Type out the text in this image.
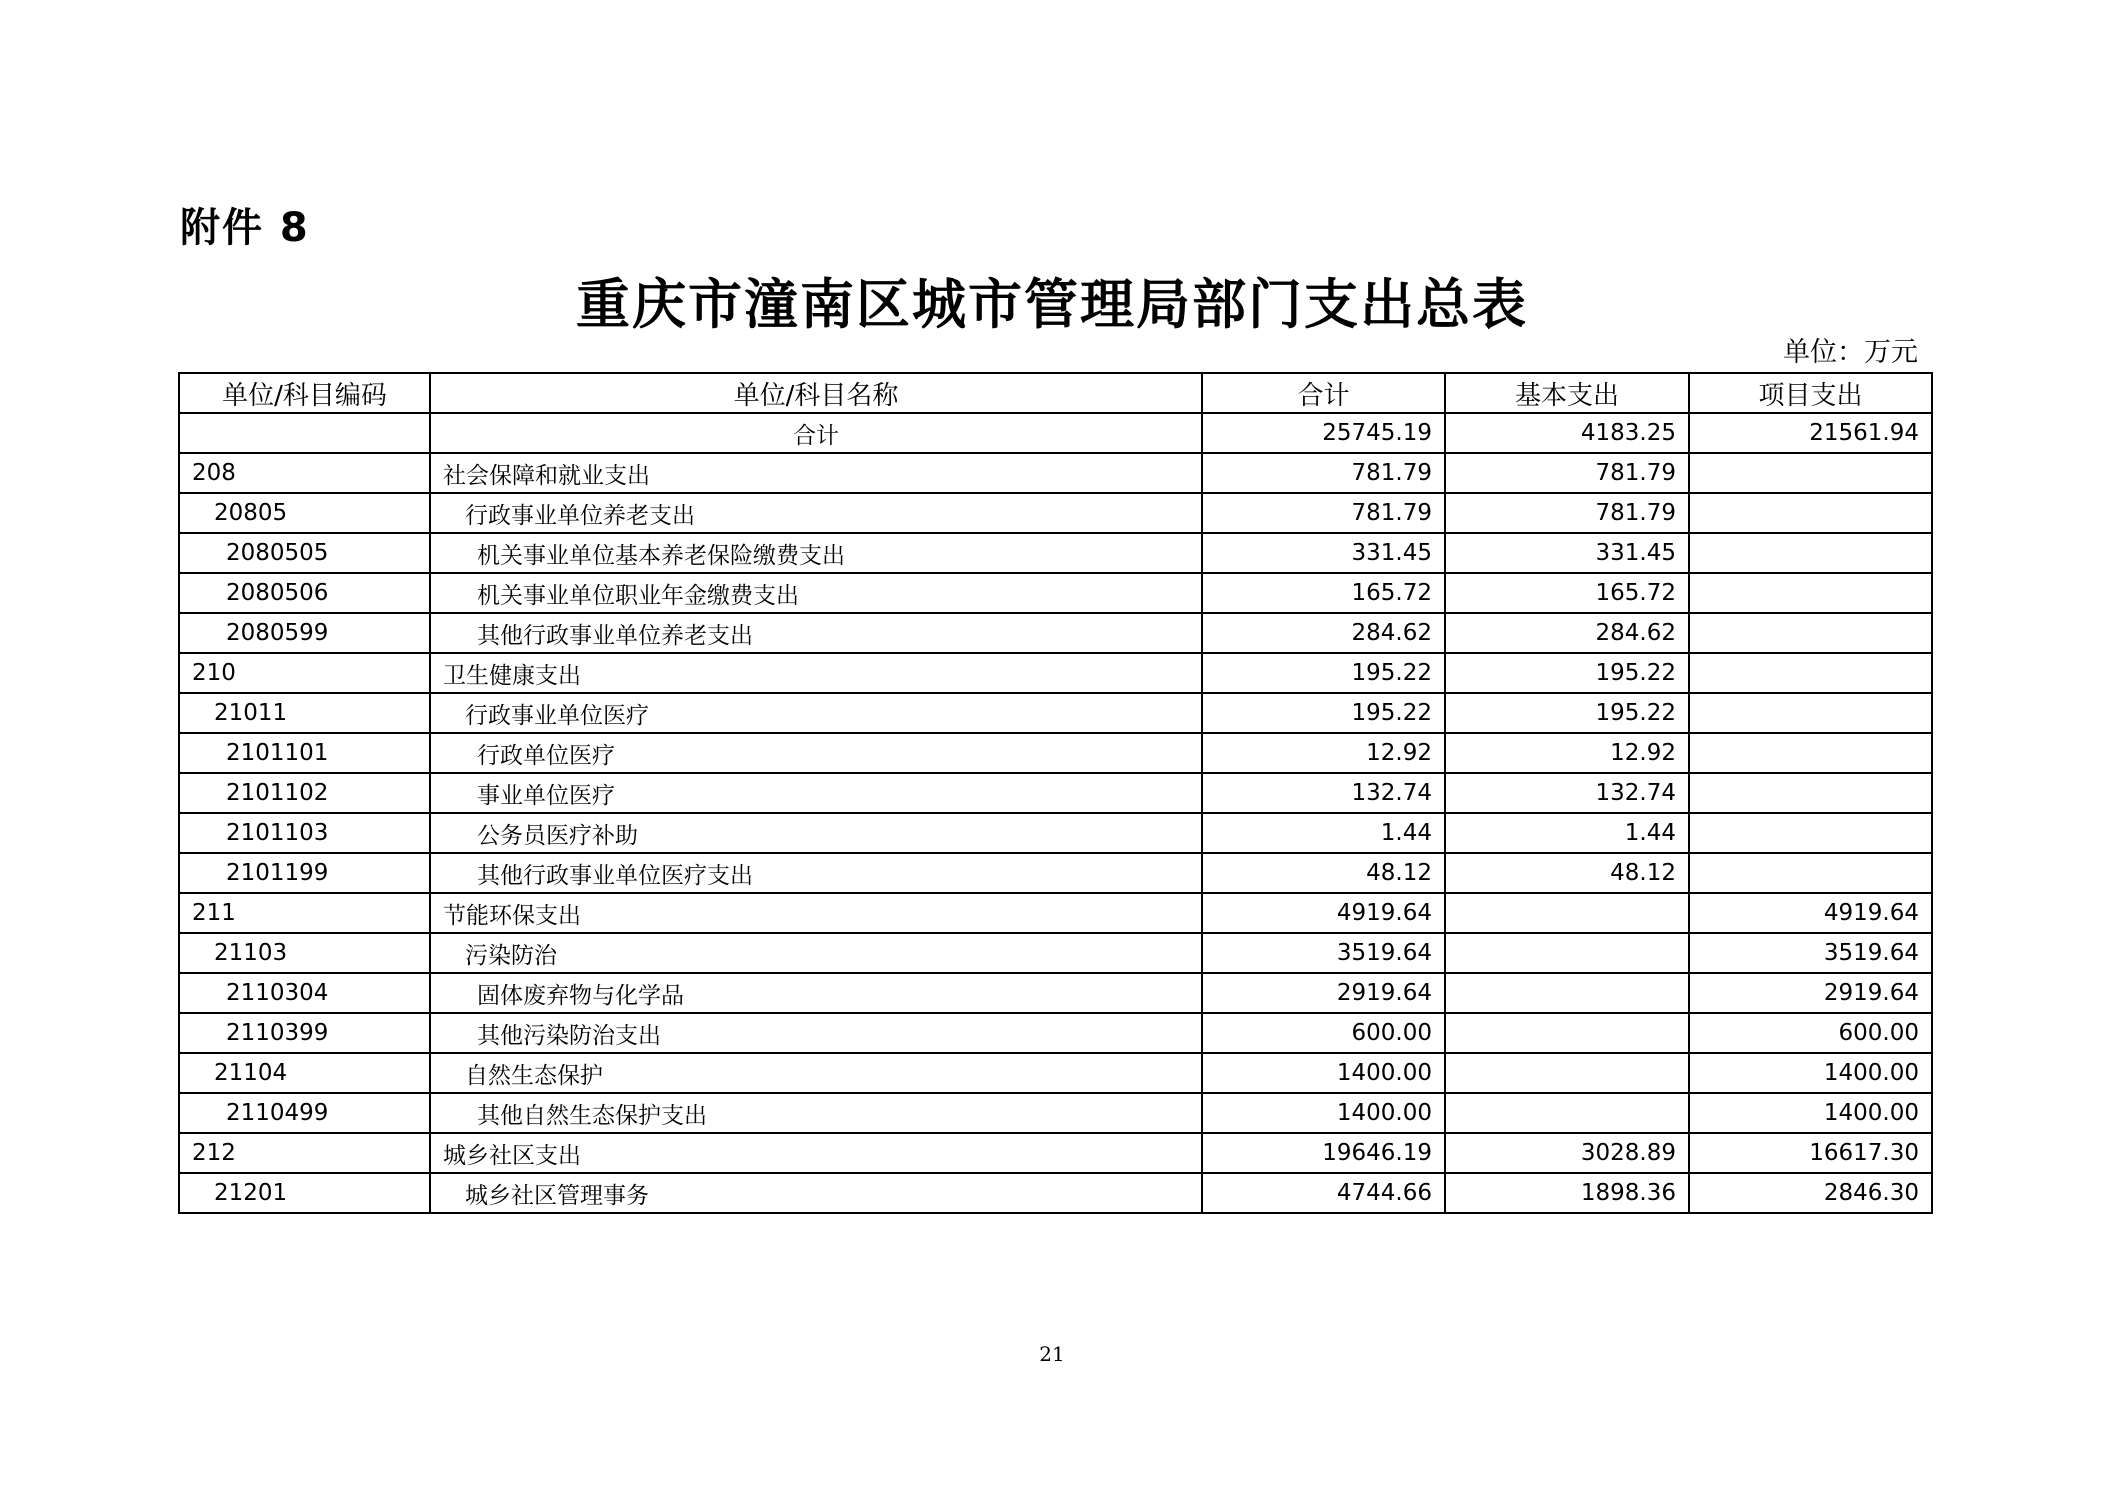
附件 8
重庆市潼南区城市管理局部门支出总表
单位：万元
单位/科目编码	单位/科目名称	合计	基本支出	项目支出
	合计	25745.19	4183.25	21561.94
208	社会保障和就业支出	781.79	781.79	
20805	行政事业单位养老支出	781.79	781.79	
2080505	机关事业单位基本养老保险缴费支出	331.45	331.45	
2080506	机关事业单位职业年金缴费支出	165.72	165.72	
2080599	其他行政事业单位养老支出	284.62	284.62	
210	卫生健康支出	195.22	195.22	
21011	行政事业单位医疗	195.22	195.22	
2101101	行政单位医疗	12.92	12.92	
2101102	事业单位医疗	132.74	132.74	
2101103	公务员医疗补助	1.44	1.44	
2101199	其他行政事业单位医疗支出	48.12	48.12	
211	节能环保支出	4919.64		4919.64
21103	污染防治	3519.64		3519.64
2110304	固体废弃物与化学品	2919.64		2919.64
2110399	其他污染防治支出	600.00		600.00
21104	自然生态保护	1400.00		1400.00
2110499	其他自然生态保护支出	1400.00		1400.00
212	城乡社区支出	19646.19	3028.89	16617.30
21201	城乡社区管理事务	4744.66	1898.36	2846.30
21
